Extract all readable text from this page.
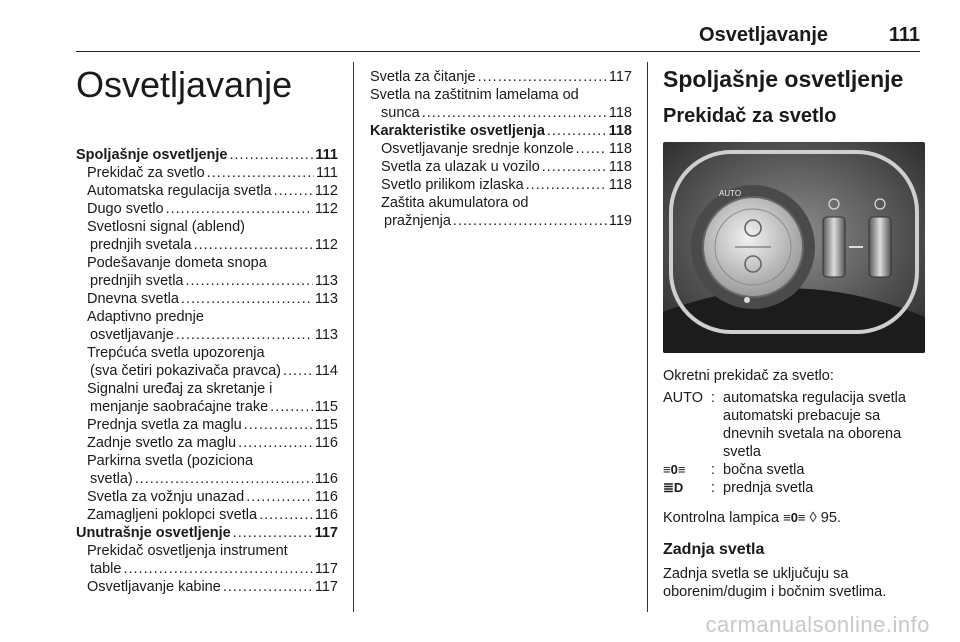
Osvetljavanje	111
Osvetljavanje
Spoljašnje osvetljenje .....	111
Prekidač za svetlo .....	111
Automatska regulacija svetla .....	112
Dugo svetlo .....	112
Svetlosni signal (ablend)
prednjih svetala .....	112
Podešavanje dometa snopa
prednjih svetla .....	113
Dnevna svetla .....	113
Adaptivno prednje
osvetljavanje .....	113
Trepćuća svetla upozorenja
(sva četiri pokazivača pravca) ..... 114
Signalni uređaj za skretanje i
menjanje saobraćajne trake .....	115
Prednja svetla za maglu .....	115
Zadnje svetlo za maglu .....	116
Parkirna svetla (poziciona
svetla) .....	116
Svetla za vožnju unazad .....	116
Zamagljeni poklopci svetla .....	116
Unutrašnje osvetljenje .....	117
Prekidač osvetljenja instrument
table .....	117
Osvetljavanje kabine .....	117
Svetla za čitanje .....	117
Svetla na zaštitnim lamelama od
sunca .....	118
Karakteristike osvetljenja .....	118
Osvetljavanje srednje konzole ..... 118
Svetla za ulazak u vozilo .....	118
Svetlo prilikom izlaska .....	118
Zaštita akumulatora od
pražnjenja .....	119
Spoljašnje osvetljenje
Prekidač za svetlo
AUTO

Okretni prekidač za svetlo:

AUTO : automatska regulacija svetla automatski prebacuje sa dnevnih svetala na oborena svetla
≡0≡	: bočna svetla
≣D	: prednja svetla

Kontrolna lampica ≡0≡ ◊ 95.

Zadnja svetla

Zadnja svetla se uključuju sa oborenim/dugim i bočnim svetlima.

carmanualsonline.info
